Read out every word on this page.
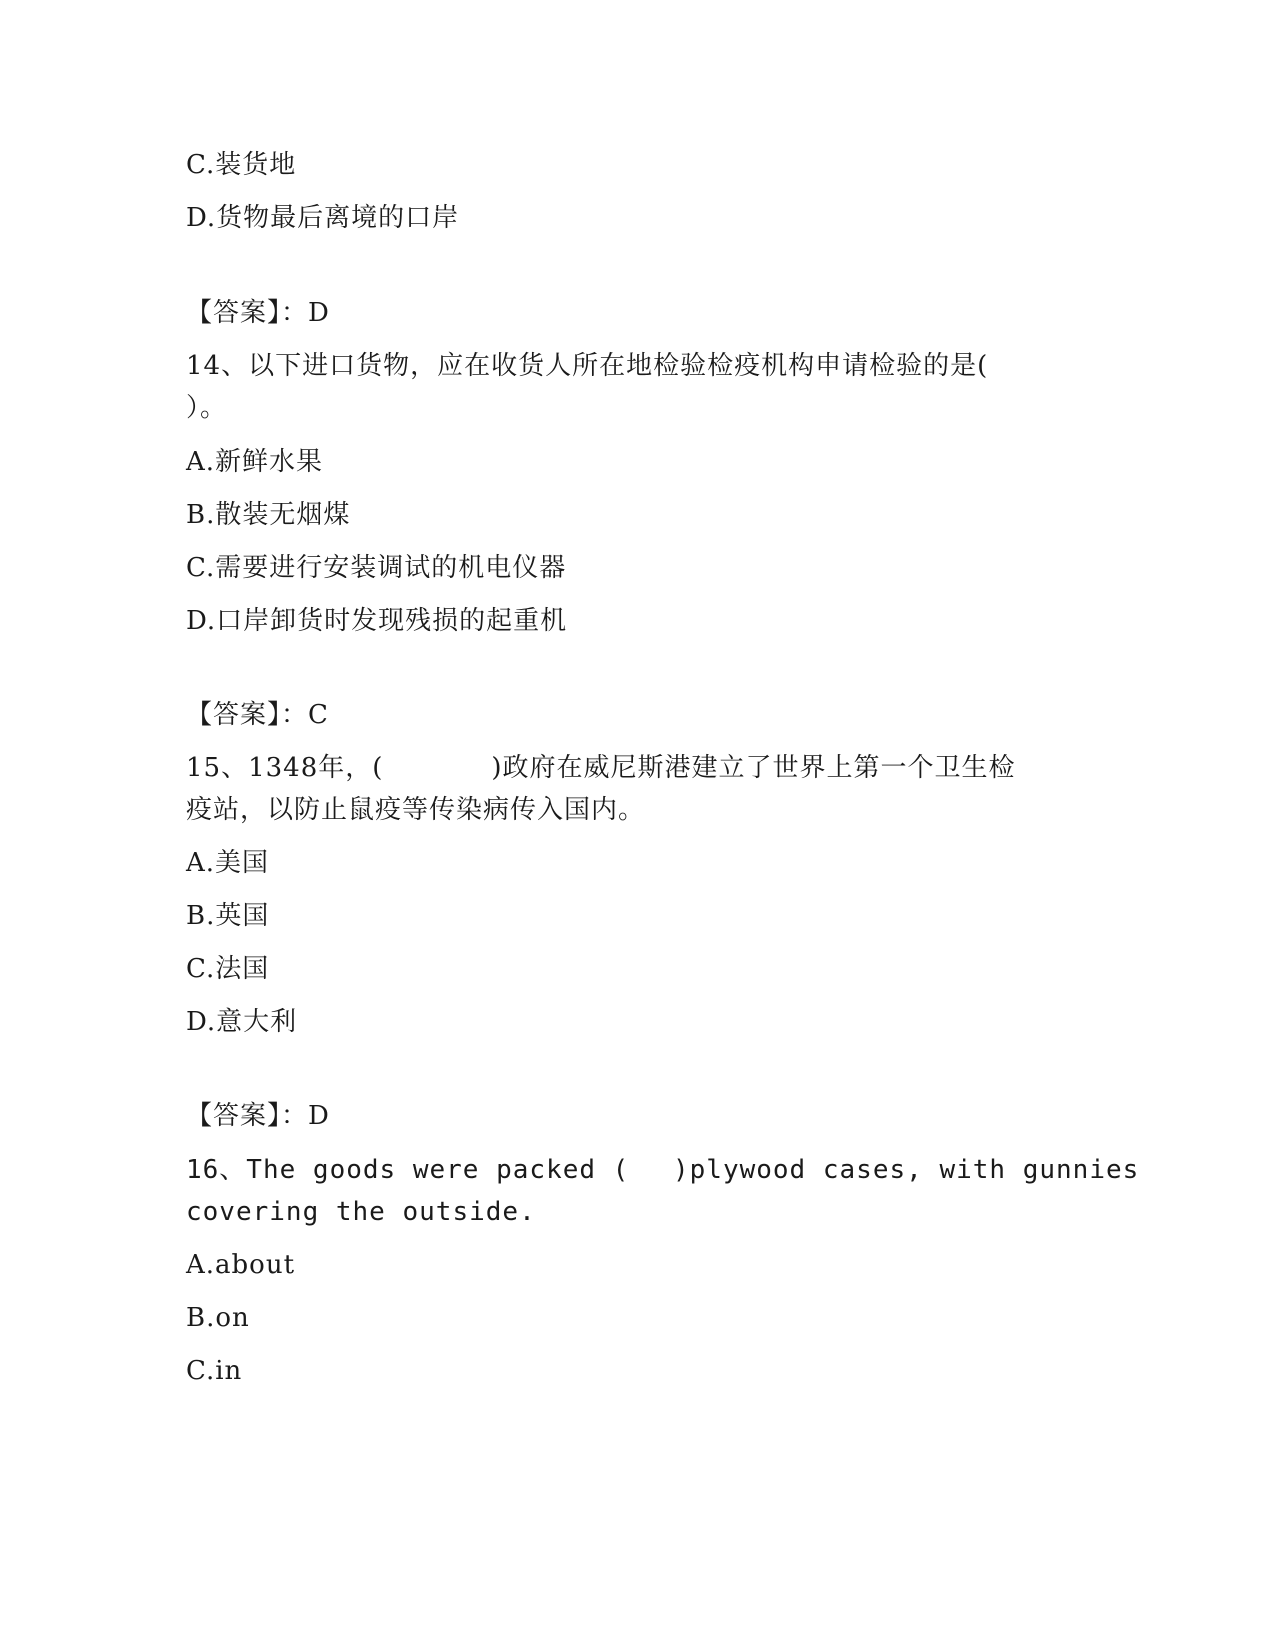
C.装货地
D.货物最后离境的口岸
【答案】：D
14、以下进口货物，应在收货人所在地检验检疫机构申请检验的是(
）。
A.新鲜水果
B.散装无烟煤
C.需要进行安装调试的机电仪器
D.口岸卸货时发现残损的起重机
【答案】：C
15、1348年，(　　　　)政府在威尼斯港建立了世界上第一个卫生检
疫站，以防止鼠疫等传染病传入国内。
A.美国
B.英国
C.法国
D.意大利
【答案】：D
16、The goods were packed (　 )plywood cases, with gunnies
covering the outside.
A.about
B.on
C.in
